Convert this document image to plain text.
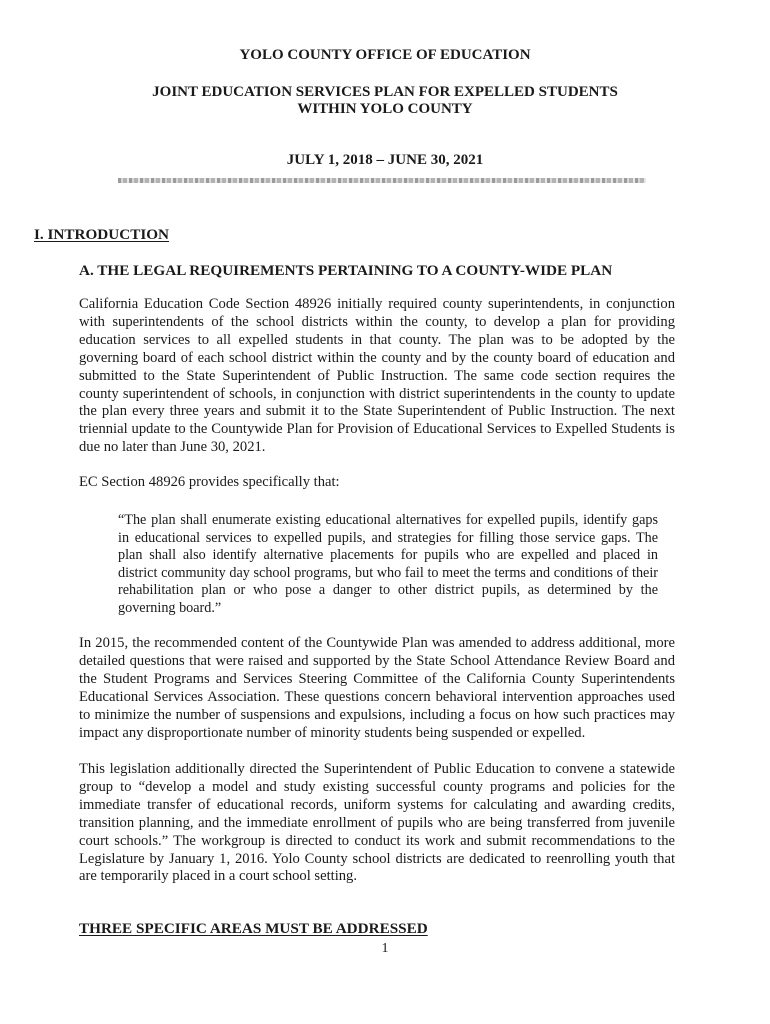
YOLO COUNTY OFFICE OF EDUCATION
JOINT EDUCATION SERVICES PLAN FOR EXPELLED STUDENTS
WITHIN YOLO COUNTY
JULY 1, 2018 – JUNE 30, 2021
I. INTRODUCTION
A. THE LEGAL REQUIREMENTS PERTAINING TO A COUNTY-WIDE PLAN
California Education Code Section 48926 initially required county superintendents, in conjunction with superintendents of the school districts within the county, to develop a plan for providing education services to all expelled students in that county. The plan was to be adopted by the governing board of each school district within the county and by the county board of education and submitted to the State Superintendent of Public Instruction. The same code section requires the county superintendent of schools, in conjunction with district superintendents in the county to update the plan every three years and submit it to the State Superintendent of Public Instruction. The next triennial update to the Countywide Plan for Provision of Educational Services to Expelled Students is due no later than June 30, 2021.
EC Section 48926 provides specifically that:
“The plan shall enumerate existing educational alternatives for expelled pupils, identify gaps in educational services to expelled pupils, and strategies for filling those service gaps. The plan shall also identify alternative placements for pupils who are expelled and placed in district community day school programs, but who fail to meet the terms and conditions of their rehabilitation plan or who pose a danger to other district pupils, as determined by the governing board.”
In 2015, the recommended content of the Countywide Plan was amended to address additional, more detailed questions that were raised and supported by the State School Attendance Review Board and the Student Programs and Services Steering Committee of the California County Superintendents Educational Services Association. These questions concern behavioral intervention approaches used to minimize the number of suspensions and expulsions, including a focus on how such practices may impact any disproportionate number of minority students being suspended or expelled.
This legislation additionally directed the Superintendent of Public Education to convene a statewide group to “develop a model and study existing successful county programs and policies for the immediate transfer of educational records, uniform systems for calculating and awarding credits, transition planning, and the immediate enrollment of pupils who are being transferred from juvenile court schools.” The workgroup is directed to conduct its work and submit recommendations to the Legislature by January 1, 2016. Yolo County school districts are dedicated to reenrolling youth that are temporarily placed in a court school setting.
THREE SPECIFIC AREAS MUST BE ADDRESSED
1
